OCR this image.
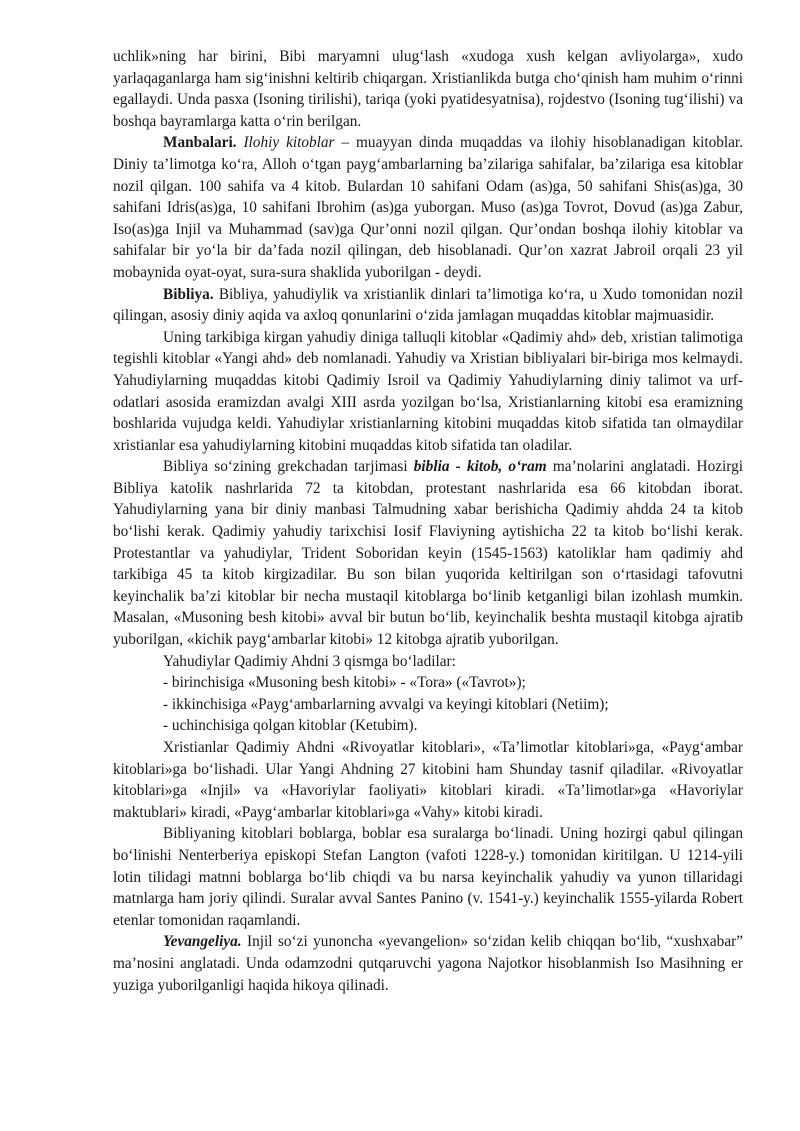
uchlik»ning har birini, Bibi maryamni ulug‘lash «xudoga xush kelgan avliyolarga», xudo yarlaqaganlarga ham sig‘inishni keltirib chiqargan. Xristianlikda butga cho‘qinish ham muhim o‘rinni egallaydi. Unda pasxa (Isoning tirilishi), tariqa (yoki pyatidesyatnisa), rojdestvo (Isoning tug‘ilishi) va boshqa bayramlarga katta o‘rin berilgan.

Manbalari. Ilohiy kitoblar – muayyan dinda muqaddas va ilohiy hisoblanadigan kitoblar. Diniy ta’limotga ko‘ra, Alloh o‘tgan payg‘ambarlarning ba’zilariga sahifalar, ba’zilariga esa kitoblar nozil qilgan. 100 sahifa va 4 kitob. Bulardan 10 sahifani Odam (as)ga, 50 sahifani Shis(as)ga, 30 sahifani Idris(as)ga, 10 sahifani Ibrohim (as)ga yuborgan. Muso (as)ga Tovrot, Dovud (as)ga Zabur, Iso(as)ga Injil va Muhammad (sav)ga Qur’onni nozil qilgan. Qur’ondan boshqa ilohiy kitoblar va sahifalar bir yo‘la bir da’fada nozil qilingan, deb hisoblanadi. Qur’on xazrat Jabroil orqali 23 yil mobaynida oyat-oyat, sura-sura shaklida yuborilgan - deydi.

Bibliya. Bibliya, yahudiylik va xristianlik dinlari ta’limotiga ko‘ra, u Xudo tomonidan nozil qilingan, asosiy diniy aqida va axloq qonunlarini o‘zida jamlagan muqaddas kitoblar majmuasidir.

Uning tarkibiga kirgan yahudiy diniga talluqli kitoblar «Qadimiy ahd» deb, xristian talimotiga tegishli kitoblar «Yangi ahd» deb nomlanadi. Yahudiy va Xristian bibliyalari bir-biriga mos kelmaydi. Yahudiylarning muqaddas kitobi Qadimiy Isroil va Qadimiy Yahudiylarning diniy talimot va urf-odatlari asosida eramizdan avalgi XIII asrda yozilgan bo‘lsa, Xristianlarning kitobi esa eramizning boshlarida vujudga keldi. Yahudiylar xristianlarning kitobini muqaddas kitob sifatida tan olmaydilar xristianlar esa yahudiylarning kitobini muqaddas kitob sifatida tan oladilar.

Bibliya so‘zining grekchadan tarjimasi biblia - kitob, o‘ram ma’nolarini anglatadi. Hozirgi Bibliya katolik nashrlarida 72 ta kitobdan, protestant nashrlarida esa 66 kitobdan iborat. Yahudiylarning yana bir diniy manbasi Talmudning xabar berishicha Qadimiy ahdda 24 ta kitob bo‘lishi kerak. Qadimiy yahudiy tarixchisi Iosif Flaviyning aytishicha 22 ta kitob bo‘lishi kerak. Protestantlar va yahudiylar, Trident Soboridan keyin (1545-1563) katoliklar ham qadimiy ahd tarkibiga 45 ta kitob kirgizadilar. Bu son bilan yuqorida keltirilgan son o‘rtasidagi tafovutni keyinchalik ba’zi kitoblar bir necha mustaqil kitoblarga bo‘linib ketganligi bilan izohlash mumkin. Masalan, «Musoning besh kitobi» avval bir butun bo‘lib, keyinchalik beshta mustaqil kitobga ajratib yuborilgan, «kichik payg‘ambarlar kitobi» 12 kitobga ajratib yuborilgan.

Yahudiylar Qadimiy Ahdni 3 qismga bo‘ladilar:

- birinchisiga «Musoning besh kitobi» - «Tora» («Tavrot»);

- ikkinchisiga «Payg‘ambarlarning avvalgi va keyingi kitoblari (Netiim);

- uchinchisiga qolgan kitoblar (Ketubim).

Xristianlar Qadimiy Ahdni «Rivoyatlar kitoblari», «Ta’limotlar kitoblari»ga, «Payg‘ambar kitoblari»ga bo‘lishadi. Ular Yangi Ahdning 27 kitobini ham Shunday tasnif qiladilar. «Rivoyatlar kitoblari»ga «Injil» va «Havoriylar faoliyati» kitoblari kiradi. «Ta’limotlar»ga «Havoriylar maktublari» kiradi, «Payg‘ambarlar kitoblari»ga «Vahy» kitobi kiradi.

Bibliyaning kitoblari boblarga, boblar esa suralarga bo‘linadi. Uning hozirgi qabul qilingan bo‘linishi Nenterberiya episkopi Stefan Langton (vafoti 1228-y.) tomonidan kiritilgan. U 1214-yili lotin tilidagi matnni boblarga bo‘lib chiqdi va bu narsa keyinchalik yahudiy va yunon tillaridagi matnlarga ham joriy qilindi. Suralar avval Santes Panino (v. 1541-y.) keyinchalik 1555-yilarda Robert etenlar tomonidan raqamlandi.

Yevangeliya. Injil so‘zi yunoncha «yevangelion» so‘zidan kelib chiqqan bo‘lib, “xushxabar” ma’nosini anglatadi. Unda odamzodni qutqaruvchi yagona Najotkor hisoblanmish Iso Masihning er yuziga yuborilganligi haqida hikoya qilinadi.
